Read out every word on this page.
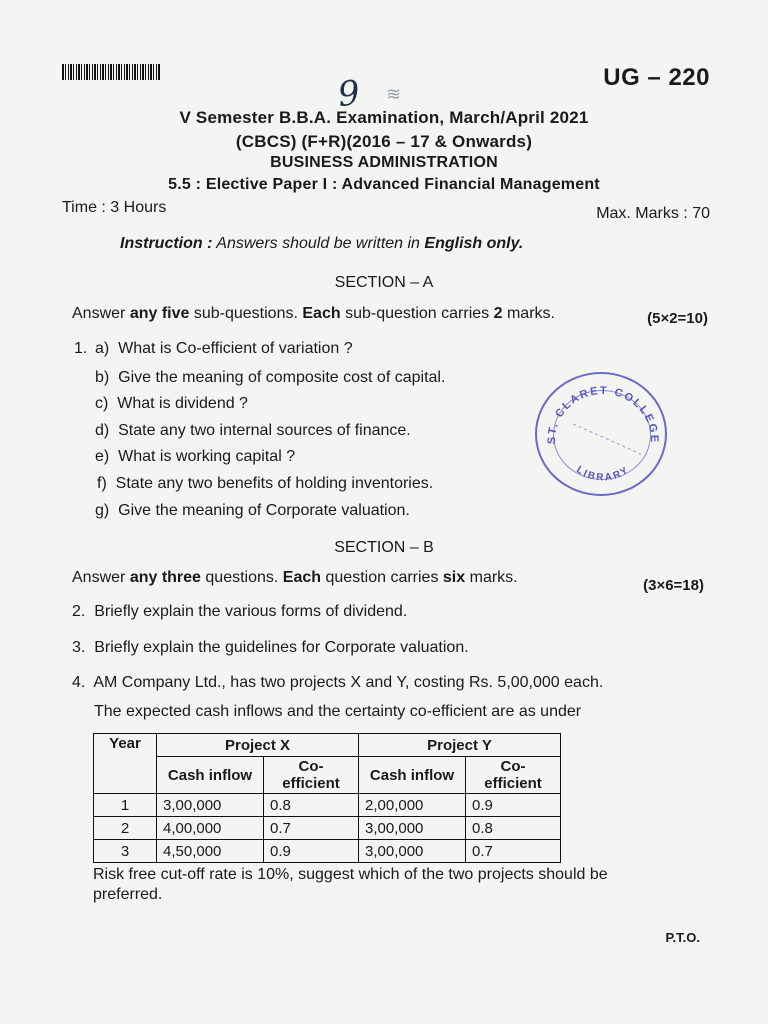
UG – 220
9 ≋
V Semester B.B.A. Examination, March/April 2021
(CBCS) (F+R)(2016 – 17 & Onwards)
BUSINESS ADMINISTRATION
5.5 : Elective Paper I : Advanced Financial Management
Time : 3 Hours	Max. Marks : 70
Instruction : Answers should be written in English only.
SECTION – A
Answer any five sub-questions. Each sub-question carries 2 marks.	(5×2=10)
1. a) What is Co-efficient of variation ?
b) Give the meaning of composite cost of capital.
c) What is dividend ?
d) State any two internal sources of finance.
e) What is working capital ?
f) State any two benefits of holding inventories.
g) Give the meaning of Corporate valuation.
ST. CLARET COLLEGE
LIBRARY
SECTION – B
Answer any three questions. Each question carries six marks.	(3×6=18)
2. Briefly explain the various forms of dividend.
3. Briefly explain the guidelines for Corporate valuation.
4. AM Company Ltd., has two projects X and Y, costing Rs. 5,00,000 each.
The expected cash inflows and the certainty co-efficient are as under
Year	Project X		Project Y	
	Cash inflow	Co-efficient	Cash inflow	Co-efficient
1	3,00,000	0.8	2,00,000	0.9
2	4,00,000	0.7	3,00,000	0.8
3	4,50,000	0.9	3,00,000	0.7
Risk free cut-off rate is 10%, suggest which of the two projects should be
preferred.
P.T.O.
